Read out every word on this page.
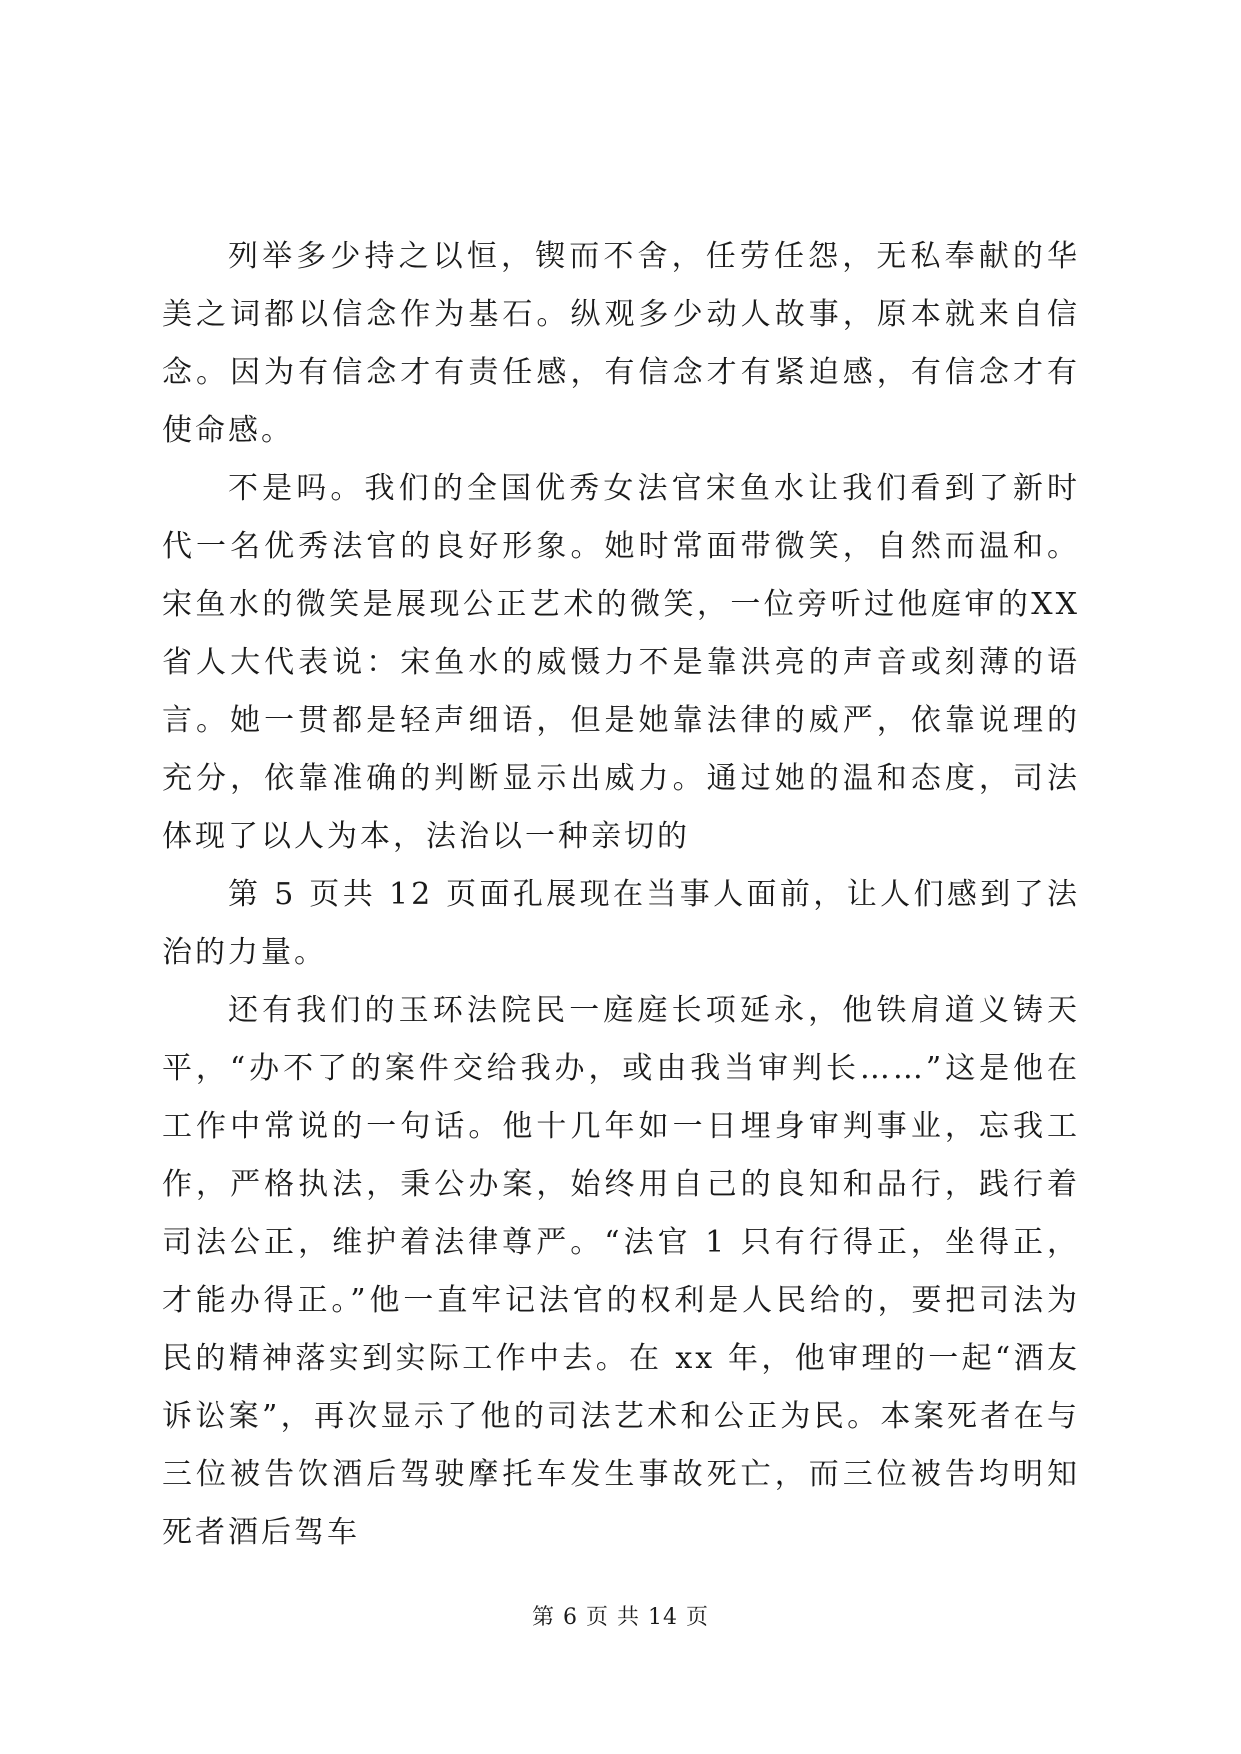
列举多少持之以恒，锲而不舍，任劳任怨，无私奉献的华美之词都以信念作为基石。纵观多少动人故事，原本就来自信念。因为有信念才有责任感，有信念才有紧迫感，有信念才有使命感。

不是吗。我们的全国优秀女法官宋鱼水让我们看到了新时代一名优秀法官的良好形象。她时常面带微笑，自然而温和。宋鱼水的微笑是展现公正艺术的微笑，一位旁听过他庭审的XX省人大代表说：宋鱼水的威慑力不是靠洪亮的声音或刻薄的语言。她一贯都是轻声细语，但是她靠法律的威严，依靠说理的充分，依靠准确的判断显示出威力。通过她的温和态度，司法体现了以人为本，法治以一种亲切的

第 5 页共 12 页面孔展现在当事人面前，让人们感到了法治的力量。

还有我们的玉环法院民一庭庭长项延永，他铁肩道义铸天平，“办不了的案件交给我办，或由我当审判长……”这是他在工作中常说的一句话。他十几年如一日埋身审判事业，忘我工作，严格执法，秉公办案，始终用自己的良知和品行，践行着司法公正，维护着法律尊严。“法官 1 只有行得正，坐得正，才能办得正。”他一直牢记法官的权利是人民给的，要把司法为民的精神落实到实际工作中去。在 xx 年，他审理的一起“酒友诉讼案”，再次显示了他的司法艺术和公正为民。本案死者在与三位被告饮酒后驾驶摩托车发生事故死亡，而三位被告均明知死者酒后驾车

第 6 页 共 14 页
